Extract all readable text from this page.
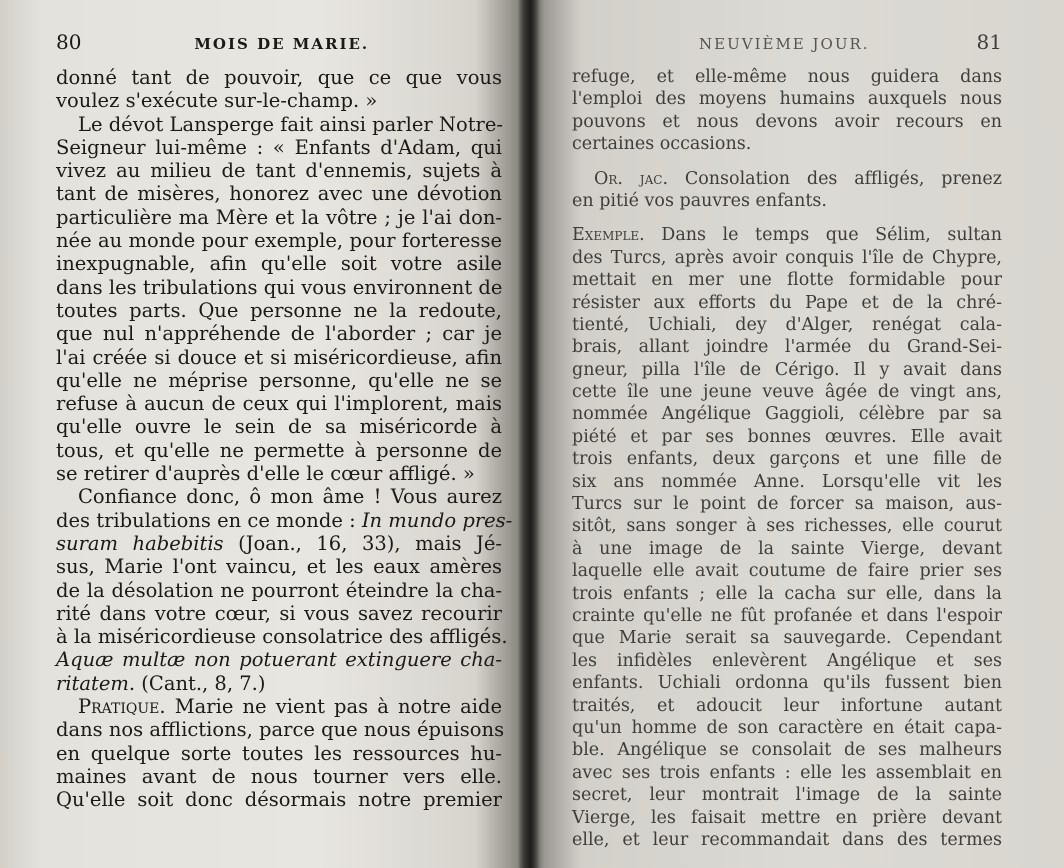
80	MOIS DE MARIE.
donné tant de pouvoir, que ce que vous
voulez s'exécute sur-le-champ. »
Le dévot Lansperge fait ainsi parler Notre-
Seigneur lui-même : « Enfants d'Adam, qui
vivez au milieu de tant d'ennemis, sujets à
tant de misères, honorez avec une dévotion
particulière ma Mère et la vôtre ; je l'ai don-
née au monde pour exemple, pour forteresse
inexpugnable, afin qu'elle soit votre asile
dans les tribulations qui vous environnent de
toutes parts. Que personne ne la redoute,
que nul n'appréhende de l'aborder ; car je
l'ai créée si douce et si miséricordieuse, afin
qu'elle ne méprise personne, qu'elle ne se
refuse à aucun de ceux qui l'implorent, mais
qu'elle ouvre le sein de sa miséricorde à
tous, et qu'elle ne permette à personne de
se retirer d'auprès d'elle le cœur affligé. »
Confiance donc, ô mon âme ! Vous aurez
des tribulations en ce monde : In mundo pres-
suram habebitis (Joan., 16, 33), mais Jé-
sus, Marie l'ont vaincu, et les eaux amères
de la désolation ne pourront éteindre la cha-
rité dans votre cœur, si vous savez recourir
à la miséricordieuse consolatrice des affligés.
Aquæ multæ non potuerant extinguere cha-
ritatem. (Cant., 8, 7.)
Pratique. Marie ne vient pas à notre aide
dans nos afflictions, parce que nous épuisons
en quelque sorte toutes les ressources hu-
maines avant de nous tourner vers elle.
Qu'elle soit donc désormais notre premier
NEUVIÈME JOUR.	81
refuge, et elle-même nous guidera dans
l'emploi des moyens humains auxquels nous
pouvons et nous devons avoir recours en
certaines occasions.
Or. jac. Consolation des affligés, prenez
en pitié vos pauvres enfants.
Exemple. Dans le temps que Sélim, sultan
des Turcs, après avoir conquis l'île de Chypre,
mettait en mer une flotte formidable pour
résister aux efforts du Pape et de la chré-
tienté, Uchiali, dey d'Alger, renégat cala-
brais, allant joindre l'armée du Grand-Sei-
gneur, pilla l'île de Cérigo. Il y avait dans
cette île une jeune veuve âgée de vingt ans,
nommée Angélique Gaggioli, célèbre par sa
piété et par ses bonnes œuvres. Elle avait
trois enfants, deux garçons et une fille de
six ans nommée Anne. Lorsqu'elle vit les
Turcs sur le point de forcer sa maison, aus-
sitôt, sans songer à ses richesses, elle courut
à une image de la sainte Vierge, devant
laquelle elle avait coutume de faire prier ses
trois enfants ; elle la cacha sur elle, dans la
crainte qu'elle ne fût profanée et dans l'espoir
que Marie serait sa sauvegarde. Cependant
les infidèles enlevèrent Angélique et ses
enfants. Uchiali ordonna qu'ils fussent bien
traités, et adoucit leur infortune autant
qu'un homme de son caractère en était capa-
ble. Angélique se consolait de ses malheurs
avec ses trois enfants : elle les assemblait en
secret, leur montrait l'image de la sainte
Vierge, les faisait mettre en prière devant
elle, et leur recommandait dans des termes
